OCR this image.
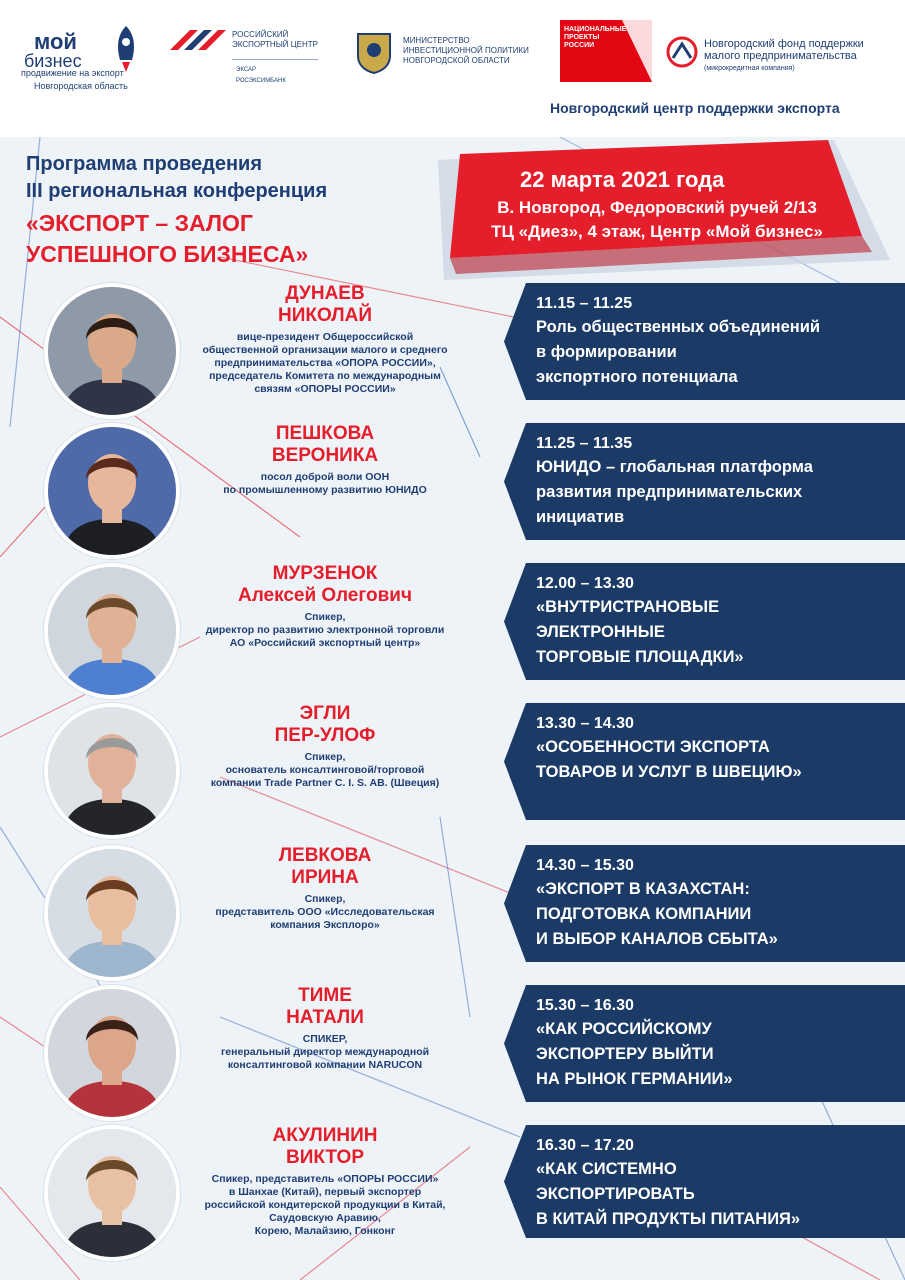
мой
бизнес
продвижение на экспорт
Новгородская область
РОССИЙСКИЙ
ЭКСПОРТНЫЙ ЦЕНТР
ЭКСАР
РОСЭКСИМБАНК
МИНИСТЕРСТВО
ИНВЕСТИЦИОННОЙ ПОЛИТИКИ
НОВГОРОДСКОЙ ОБЛАСТИ
НАЦИОНАЛЬНЫЕ
ПРОЕКТЫ
РОССИИ	Новгородский фонд поддержки
малого предпринимательства
(микрокредитная компания)
Новгородский центр поддержки экспорта
Программа проведения
III региональная конференция
«ЭКСПОРТ – ЗАЛОГ
УСПЕШНОГО БИЗНЕСА»
22 марта 2021 года
В. Новгород, Федоровский ручей 2/13
ТЦ «Диез», 4 этаж, Центр «Мой бизнес»
ДУНАЕВ
НИКОЛАЙ
вице-президент Общероссийской
общественной организации малого и среднего
предпринимательства «ОПОРА РОССИИ»,
председатель Комитета по международным
связям «ОПОРЫ РОССИИ»
11.15 – 11.25
Роль общественных объединений
в формировании
экспортного потенциала
ПЕШКОВА
ВЕРОНИКА
посол доброй воли ООН
по промышленному развитию ЮНИДО
11.25 – 11.35
ЮНИДО – глобальная платформа
развития предпринимательских
инициатив
МУРЗЕНОК
Алексей Олегович
Спикер,
директор по развитию электронной торговли
АО «Российский экспортный центр»
12.00 – 13.30
«ВНУТРИСТРАНОВЫЕ
ЭЛЕКТРОННЫЕ
ТОРГОВЫЕ ПЛОЩАДКИ»
ЭГЛИ
ПЕР-УЛОФ
Спикер,
основатель консалтинговой/торговой
компании Trade Partner C. I. S. AB. (Швеция)
13.30 – 14.30
«ОСОБЕННОСТИ ЭКСПОРТА
ТОВАРОВ И УСЛУГ В ШВЕЦИЮ»
ЛЕВКОВА
ИРИНА
Спикер,
представитель ООО «Исследовательская
компания Эксплоро»
14.30 – 15.30
«ЭКСПОРТ В КАЗАХСТАН:
ПОДГОТОВКА КОМПАНИИ
И ВЫБОР КАНАЛОВ СБЫТА»
ТИМЕ
НАТАЛИ
СПИКЕР,
генеральный директор международной
консалтинговой компании NARUCON
15.30 – 16.30
«КАК РОССИЙСКОМУ
ЭКСПОРТЕРУ ВЫЙТИ
НА РЫНОК ГЕРМАНИИ»
АКУЛИНИН
ВИКТОР
Спикер, представитель «ОПОРЫ РОССИИ»
в Шанхае (Китай), первый экспортер
российской кондитерской продукции в Китай,
Саудовскую Аравию,
Корею, Малайзию, Гонконг
16.30 – 17.20
«КАК СИСТЕМНО
ЭКСПОРТИРОВАТЬ
В КИТАЙ ПРОДУКТЫ ПИТАНИЯ»
